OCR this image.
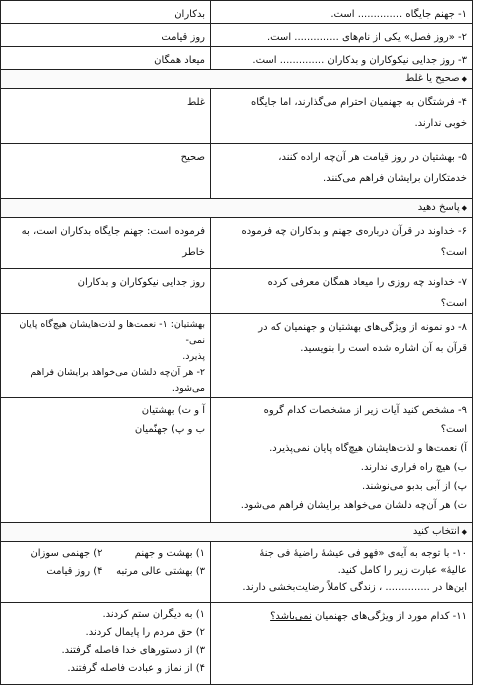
۱- جهنم جایگاه .............. است.
بدکاران
۲- «روز فصل» یکی از نام‌های .............. است.
روز قیامت
۳- روز جدایی نیکوکاران و بدکاران .............. است.
میعاد همگان
◆ صحیح یا غلط
۴- فرشتگان به جهنمیان احترام می‌گذارند، اما جایگاه
خوبی ندارند.
غلط
۵- بهشتیان در روز قیامت هر آن‌چه اراده کنند،
خدمتکاران برایشان فراهم می‌کنند.
صحیح
◆ پاسخ دهید
۶- خداوند در قرآن درباره‌ی جهنم و بدکاران چه فرموده
است؟
فرموده است: جهنم جایگاه بدکاران است، به خاطر
۷- خداوند چه روزی را میعاد همگان معرفی کرده
است؟
روز جدایی نیکوکاران و بدکاران
۸- دو نمونه از ویژگی‌های بهشتیان و جهنمیان که در
قرآن به آن اشاره شده است را بنویسید.
بهشتیان: ۱- نعمت‌ها و لذت‌هایشان هیچ‌گاه پایان نمی-
پذیرد.
۲- هر آن‌چه دلشان می‌خواهد برایشان فراهم می‌شود.
۹- مشخص کنید آیات زیر از مشخصات کدام گروه
است؟
آ) نعمت‌ها و لذت‌هایشان هیچ‌گاه پایان نمی‌پذیرد.
ب) هیچ راه فراری ندارند.
پ) از آبی بدبو می‌نوشند.
ت) هر آن‌چه دلشان می‌خواهد برایشان فراهم می‌شود.
آ و ت) بهشتیان
ب و پ) جهنّمیان
◆ انتخاب کنید
۱۰- با توجه به آیه‌ی «فهو فی عیشهٔ راضیهٔ فی جنهٔ
عالیهٔ» عبارت زیر را کامل کنید.
این‌ها در .............. ، زندگی کاملاً رضایت‌بخشی دارند.
۱) بهشت و جهنم
۲) جهنمی سوزان
۳) بهشتی عالی مرتبه
۴) روز قیامت
۱۱- کدام مورد از ویژگی‌های جهنمیان نمی‌باشد؟
۱) به دیگران ستم کردند.
۲) حق مردم را پایمال کردند.
۳) از دستورهای خدا فاصله گرفتند.
۴) از نماز و عبادت فاصله گرفتند.
